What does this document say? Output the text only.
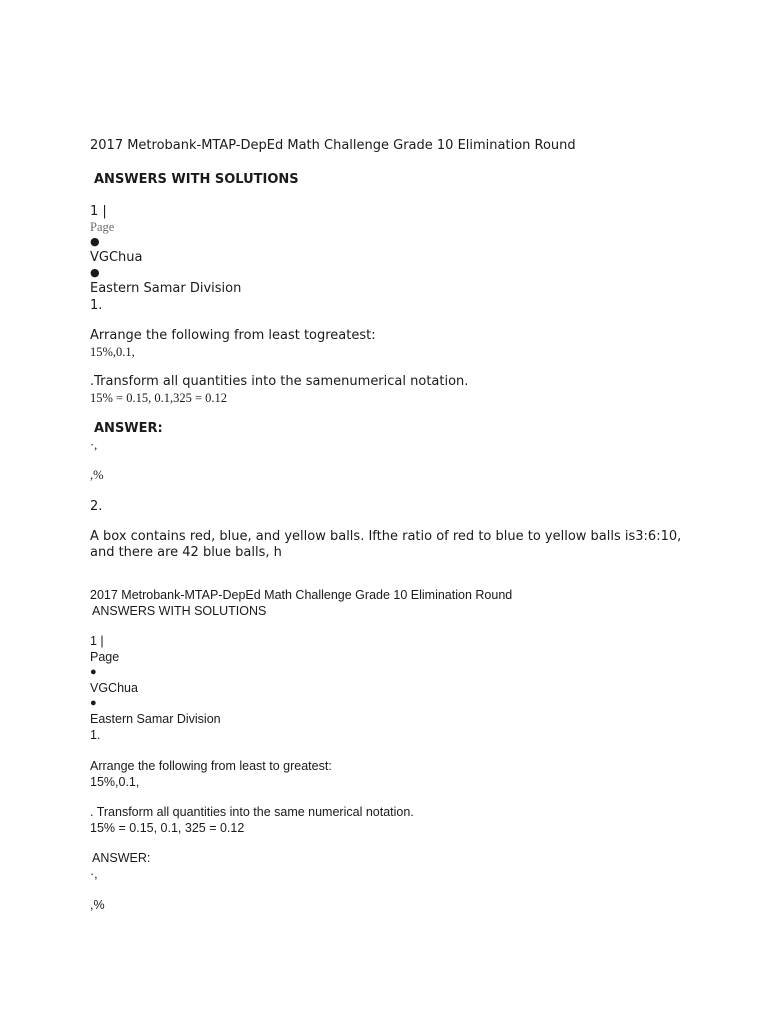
2017 Metrobank-MTAP-DepEd Math Challenge Grade 10 Elimination Round

ANSWERS WITH SOLUTIONS

1 |

Page

●

VGChua

●

Eastern Samar Division

1.

Arrange the following from least togreatest:

15%,0.1,

.Transform all quantities into the samenumerical notation.

15% = 0.15, 0.1,325 = 0.12

ANSWER:

·,

,%

2.

A box contains red, blue, and yellow balls. Ifthe ratio of red to blue to yellow balls is3:6:10, and there are 42 blue balls, h

2017 Metrobank-MTAP-DepEd Math Challenge Grade 10 Elimination Round

ANSWERS WITH SOLUTIONS

1 |

Page

●

VGChua

●

Eastern Samar Division

1.

Arrange the following from least to greatest:

15%,0.1,

. Transform all quantities into the same numerical notation.

15% = 0.15, 0.1, 325 = 0.12

ANSWER:

·,

,%
